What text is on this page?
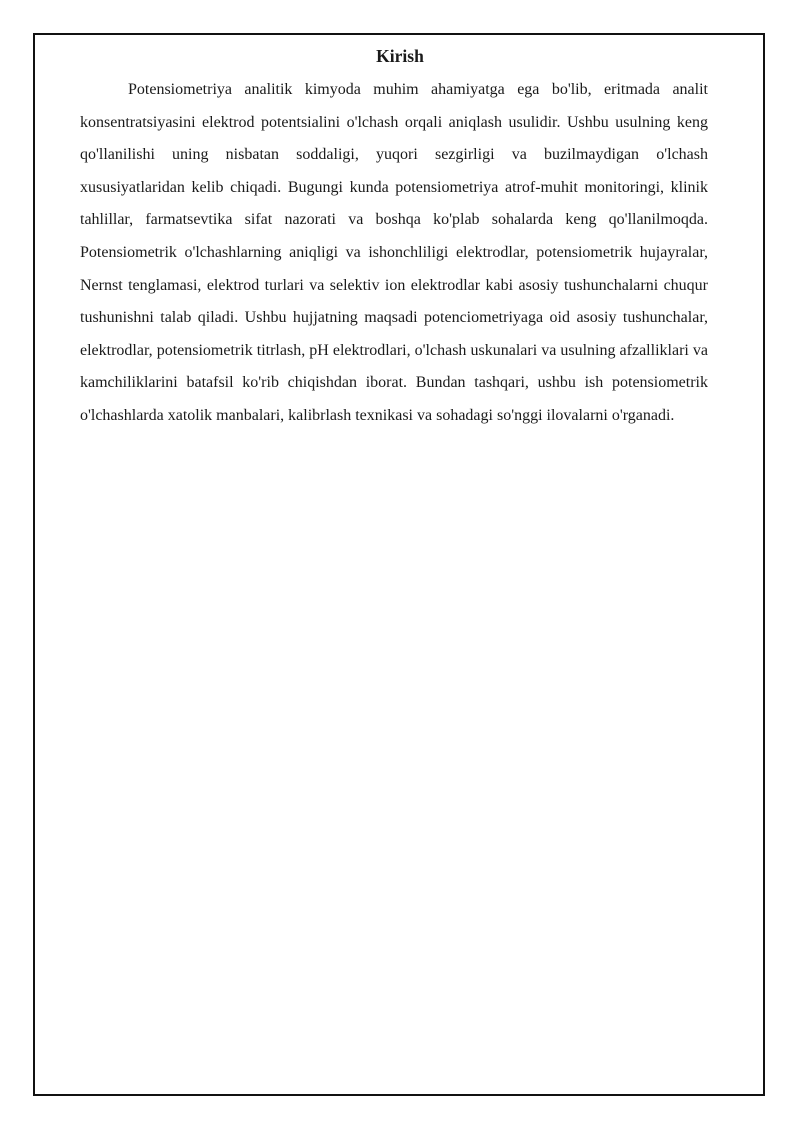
Kirish

Potensiometriya analitik kimyoda muhim ahamiyatga ega bo'lib, eritmada analit konsentratsiyasini elektrod potentsialini o'lchash orqali aniqlash usulidir. Ushbu usulning keng qo'llanilishi uning nisbatan soddaligi, yuqori sezgirligi va buzilmaydigan o'lchash xususiyatlaridan kelib chiqadi. Bugungi kunda potensiometriya atrof-muhit monitoringi, klinik tahlillar, farmatsevtika sifat nazorati va boshqa ko'plab sohalarda keng qo'llanilmoqda. Potensiometrik o'lchashlarning aniqligi va ishonchliligi elektrodlar, potensiometrik hujayralar, Nernst tenglamasi, elektrod turlari va selektiv ion elektrodlar kabi asosiy tushunchalarni chuqur tushunishni talab qiladi. Ushbu hujjatning maqsadi potenciometriyaga oid asosiy tushunchalar, elektrodlar, potensiometrik titrlash, pH elektrodlari, o'lchash uskunalari va usulning afzalliklari va kamchiliklarini batafsil ko'rib chiqishdan iborat. Bundan tashqari, ushbu ish potensiometrik o'lchashlarda xatolik manbalari, kalibrlash texnikasi va sohadagi so'nggi ilovalarni o'rganadi.
